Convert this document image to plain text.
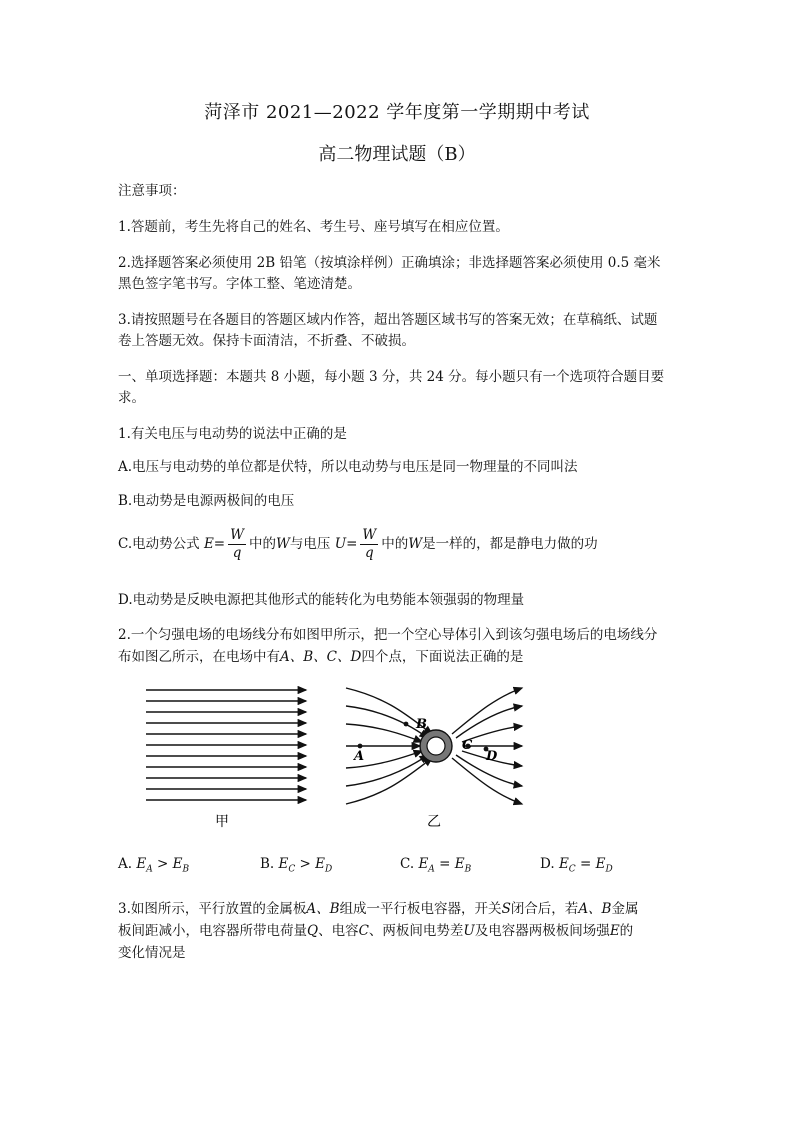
菏泽市 2021—2022 学年度第一学期期中考试
高二物理试题（B）
注意事项：
1.答题前，考生先将自己的姓名、考生号、座号填写在相应位置。
2.选择题答案必须使用 2B 铅笔（按填涂样例）正确填涂；非选择题答案必须使用 0.5 毫米
黑色签字笔书写。字体工整、笔迹清楚。
3.请按照题号在各题目的答题区域内作答，超出答题区域书写的答案无效；在草稿纸、试题
卷上答题无效。保持卡面清洁，不折叠、不破损。
一、单项选择题：本题共 8 小题，每小题 3 分，共 24 分。每小题只有一个选项符合题目要
求。
1.有关电压与电动势的说法中正确的是
A.电压与电动势的单位都是伏特，所以电动势与电压是同一物理量的不同叫法
B.电动势是电源两极间的电压
C.电动势公式 $E= \frac{W}{q}$ 中的W与电压 $U= \frac{W}{q}$ 中的W是一样的，都是静电力做的功
D.电动势是反映电源把其他形式的能转化为电势能本领强弱的物理量
2.一个匀强电场的电场线分布如图甲所示，把一个空心导体引入到该匀强电场后的电场线分
布如图乙所示，在电场中有A、B、C、D四个点，下面说法正确的是
甲
A
B
C
D
乙
A. $E_A > E_B$	B. $E_C > E_D$	C. $E_A = E_B$	D. $E_C = E_D$
3.如图所示，平行放置的金属板A、B组成一平行板电容器，开关S闭合后，若A、B金属
板间距减小，电容器所带电荷量Q、电容C、两板间电势差U及电容器两极板间场强E的
变化情况是
